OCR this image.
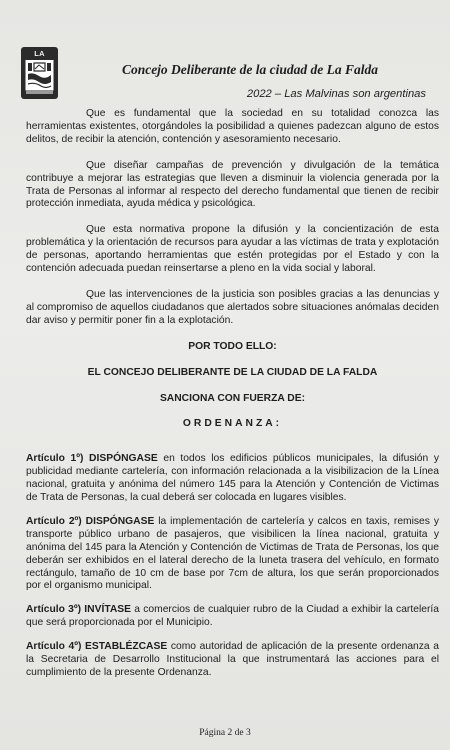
LA
Concejo Deliberante de la ciudad de La Falda
2022 – Las Malvinas son argentinas

Que es fundamental que la sociedad en su totalidad conozca las herramientas existentes, otorgándoles la posibilidad a quienes padezcan alguno de estos delitos, de recibir la atención, contención y asesoramiento necesario.

Que diseñar campañas de prevención y divulgación de la temática contribuye a mejorar las estrategias que lleven a disminuir la violencia generada por la Trata de Personas al informar al respecto del derecho fundamental que tienen de recibir protección inmediata, ayuda médica y psicológica.

Que esta normativa propone la difusión y la concientización de esta problemática y la orientación de recursos para ayudar a las víctimas de trata y explotación de personas, aportando herramientas que estén protegidas por el Estado y con la contención adecuada puedan reinsertarse a pleno en la vida social y laboral.

Que las intervenciones de la justicia son posibles gracias a las denuncias y al compromiso de aquellos ciudadanos que alertados sobre situaciones anómalas deciden dar aviso y permitir poner fin a la explotación.

POR TODO ELLO:

EL CONCEJO DELIBERANTE DE LA CIUDAD DE LA FALDA

SANCIONA CON FUERZA DE:

ORDENANZA:

Artículo 1º) DISPÓNGASE en todos los edificios públicos municipales, la difusión y publicidad mediante cartelería, con información relacionada a la visibilizacion de la Línea nacional, gratuita y anónima del número 145 para la Atención y Contención de Victimas de Trata de Personas, la cual deberá ser colocada en lugares visibles.

Artículo 2º) DISPÓNGASE la implementación de cartelería y calcos en taxis, remises y transporte público urbano de pasajeros, que visibilicen la línea nacional, gratuita y anónima del 145 para la Atención y Contención de Victimas de Trata de Personas, los que deberán ser exhibidos en el lateral derecho de la luneta trasera del vehículo, en formato rectángulo, tamaño de 10 cm de base por 7cm de altura, los que serán proporcionados por el organismo municipal.

Artículo 3º) INVÍTASE a comercios de cualquier rubro de la Ciudad a exhibir la cartelería que será proporcionada por el Municipio.

Artículo 4º) ESTABLÉZCASE como autoridad de aplicación de la presente ordenanza a la Secretaria de Desarrollo Institucional la que instrumentará las acciones para el cumplimiento de la presente Ordenanza.

Página 2 de 3
